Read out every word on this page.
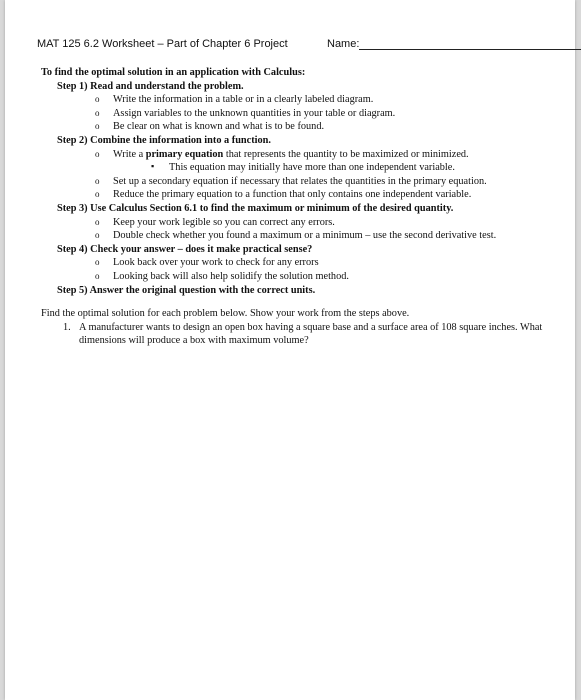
MAT 125 6.2 Worksheet – Part of Chapter 6 Project	Name:

To find the optimal solution in an application with Calculus:

Step 1) Read and understand the problem.

o Write the information in a table or in a clearly labeled diagram.
o Assign variables to the unknown quantities in your table or diagram.
o Be clear on what is known and what is to be found.

Step 2) Combine the information into a function.

o Write a primary equation that represents the quantity to be maximized or minimized.
▪ This equation may initially have more than one independent variable.
o Set up a secondary equation if necessary that relates the quantities in the primary equation.
o Reduce the primary equation to a function that only contains one independent variable.

Step 3) Use Calculus Section 6.1 to find the maximum or minimum of the desired quantity.

o Keep your work legible so you can correct any errors.
o Double check whether you found a maximum or a minimum – use the second derivative test.

Step 4) Check your answer – does it make practical sense?

o Look back over your work to check for any errors
o Looking back will also help solidify the solution method.

Step 5) Answer the original question with the correct units.

Find the optimal solution for each problem below. Show your work from the steps above.

1. A manufacturer wants to design an open box having a square base and a surface area of 108 square inches. What dimensions will produce a box with maximum volume?
